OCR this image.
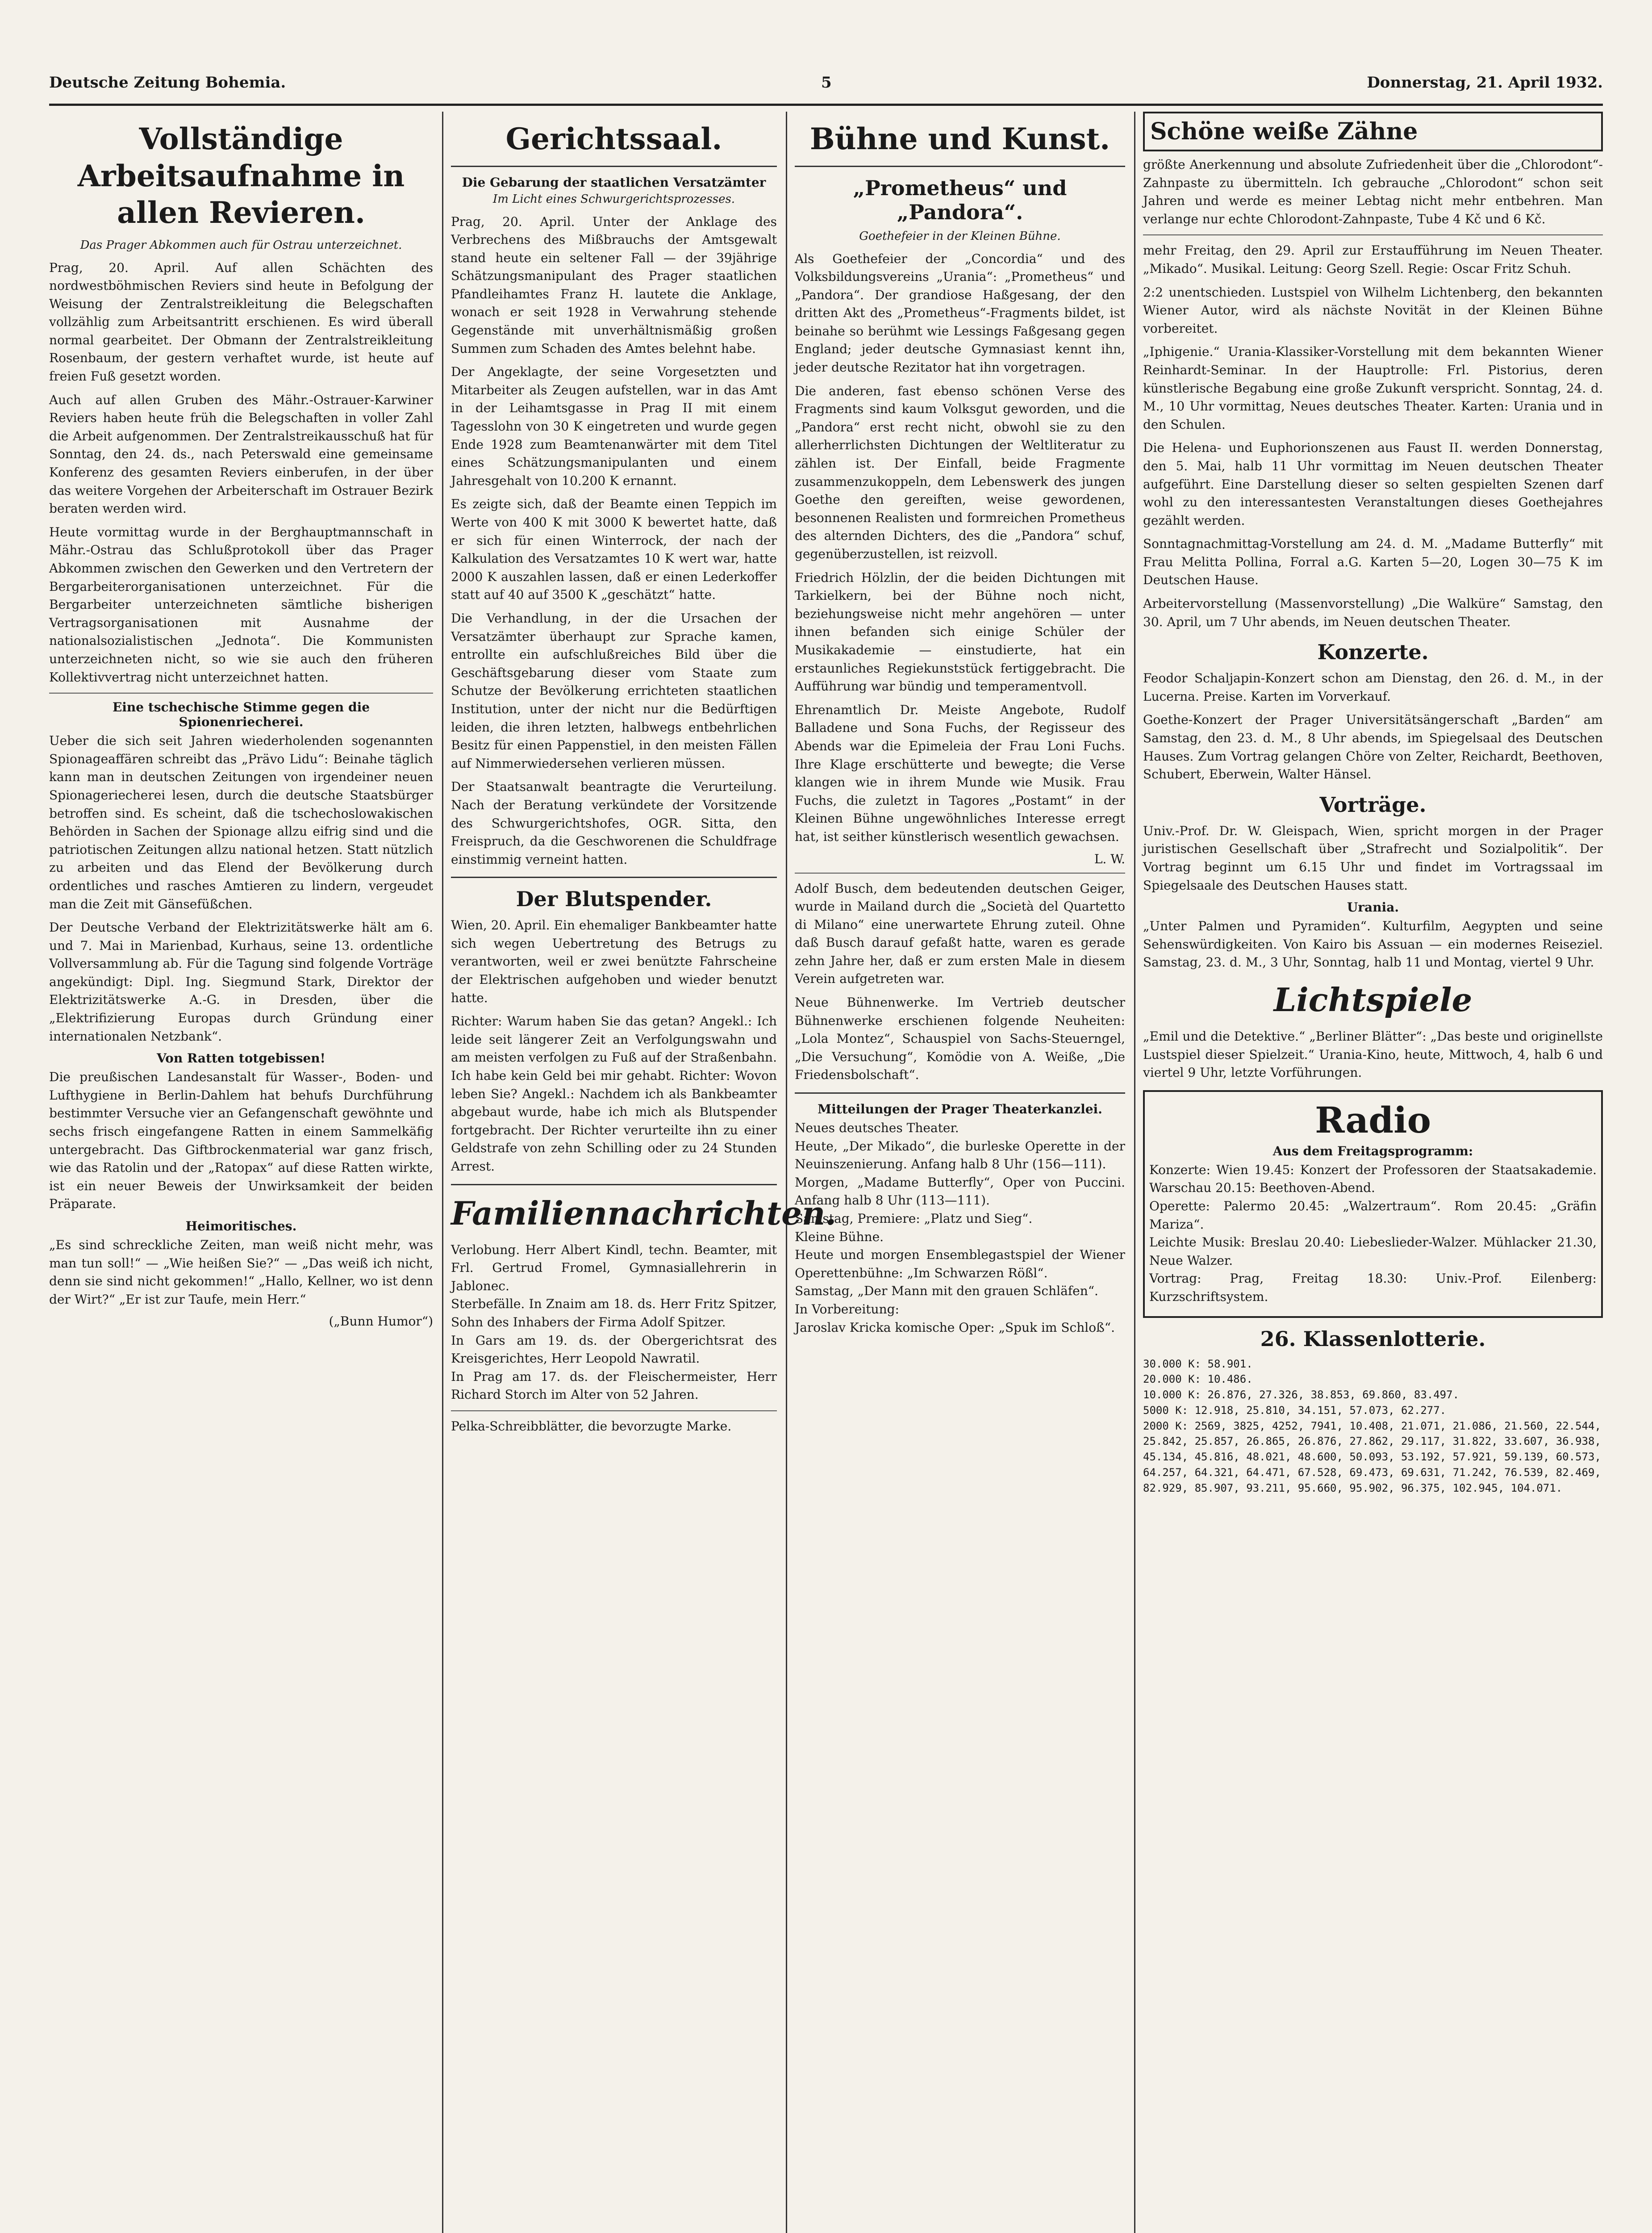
Deutsche Zeitung Bohemia.	5	Donnerstag, 21. April 1932.
Vollständige Arbeitsaufnahme in allen Revieren.
Das Prager Abkommen auch für Ostrau unterzeichnet.

Prag, 20. April. Auf allen Schächten des nordwestböhmischen Reviers sind heute in Befolgung der Weisung der Zentralstreikleitung die Belegschaften vollzählig zum Arbeitsantritt erschienen. Es wird überall normal gearbeitet. Der Obmann der Zentralstreikleitung Rosenbaum, der gestern verhaftet wurde, ist heute auf freien Fuß gesetzt worden.

Auch auf allen Gruben des Mähr.-Ostrauer-Karwiner Reviers haben heute früh die Belegschaften in voller Zahl die Arbeit aufgenommen. Der Zentralstreikausschuß hat für Sonntag, den 24. ds., nach Peterswald eine gemeinsame Konferenz des gesamten Reviers einberufen, in der über das weitere Vorgehen der Arbeiterschaft im Ostrauer Bezirk beraten werden wird.

Heute vormittag wurde in der Berghauptmannschaft in Mähr.-Ostrau das Schlußprotokoll über das Prager Abkommen zwischen den Gewerken und den Vertretern der Bergarbeiterorganisationen unterzeichnet. Für die Bergarbeiter unterzeichneten sämtliche bisherigen Vertragsorganisationen mit Ausnahme der nationalsozialistischen „Jednota“. Die Kommunisten unterzeichneten nicht, so wie sie auch den früheren Kollektivvertrag nicht unterzeichnet hatten.

Eine tschechische Stimme gegen die Spionenriecherei.

Ueber die sich seit Jahren wiederholenden sogenannten Spionageaffären schreibt das „Prävo Lidu“: Beinahe täglich kann man in deutschen Zeitungen von irgendeiner neuen Spionageriecherei lesen, durch die deutsche Staatsbürger betroffen sind. Es scheint, daß die tschechoslowakischen Behörden in Sachen der Spionage allzu eifrig sind und die patriotischen Zeitungen allzu national hetzen. Statt nützlich zu arbeiten und das Elend der Bevölkerung durch ordentliches und rasches Amtieren zu lindern, vergeudet man die Zeit mit Gänsefüßchen.

Der Deutsche Verband der Elektrizitätswerke hält am 6. und 7. Mai in Marienbad, Kurhaus, seine 13. ordentliche Vollversammlung ab. Für die Tagung sind folgende Vorträge angekündigt: Dipl. Ing. Siegmund Stark, Direktor der Elektrizitätswerke A.-G. in Dresden, über die „Elektrifizierung Europas durch Gründung einer internationalen Netzbank“.

Von Ratten totgebissen!

Die preußischen Landesanstalt für Wasser-, Boden- und Lufthygiene in Berlin-Dahlem hat behufs Durchführung bestimmter Versuche vier an Gefangenschaft gewöhnte und sechs frisch eingefangene Ratten in einem Sammelkäfig untergebracht. Das Giftbrockenmaterial war ganz frisch, wie das Ratolin und der „Ratopax“ auf diese Ratten wirkte, ist ein neuer Beweis der Unwirksamkeit der beiden Präparate.

Heimoritisches.

„Es sind schreckliche Zeiten, man weiß nicht mehr, was man tun soll!“ — „Wie heißen Sie?“ — „Das weiß ich nicht, denn sie sind nicht gekommen!“ „Hallo, Kellner, wo ist denn der Wirt?“ „Er ist zur Taufe, mein Herr.“

(„Bunn Humor“)
Gerichtssaal.
Die Gebarung der staatlichen Versatzämter
Im Licht eines Schwurgerichtsprozesses.

Prag, 20. April. Unter der Anklage des Verbrechens des Mißbrauchs der Amtsgewalt stand heute ein seltener Fall — der 39jährige Schätzungsmanipulant des Prager staatlichen Pfandleihamtes Franz H. lautete die Anklage, wonach er seit 1928 in Verwahrung stehende Gegenstände mit unverhältnismäßig großen Summen zum Schaden des Amtes belehnt habe.

Der Angeklagte, der seine Vorgesetzten und Mitarbeiter als Zeugen aufstellen, war in das Amt in der Leihamtsgasse in Prag II mit einem Tagesslohn von 30 K eingetreten und wurde gegen Ende 1928 zum Beamtenanwärter mit dem Titel eines Schätzungsmanipulanten und einem Jahresgehalt von 10.200 K ernannt.

Es zeigte sich, daß der Beamte einen Teppich im Werte von 400 K mit 3000 K bewertet hatte, daß er sich für einen Winterrock, der nach der Kalkulation des Versatzamtes 10 K wert war, hatte 2000 K auszahlen lassen, daß er einen Lederkoffer statt auf 40 auf 3500 K „geschätzt“ hatte.

Die Verhandlung, in der die Ursachen der Versatzämter überhaupt zur Sprache kamen, entrollte ein aufschlußreiches Bild über die Geschäftsgebarung dieser vom Staate zum Schutze der Bevölkerung errichteten staatlichen Institution, unter der nicht nur die Bedürftigen leiden, die ihren letzten, halbwegs entbehrlichen Besitz für einen Pappenstiel, in den meisten Fällen auf Nimmerwiedersehen verlieren müssen.

Der Staatsanwalt beantragte die Verurteilung. Nach der Beratung verkündete der Vorsitzende des Schwurgerichtshofes, OGR. Sitta, den Freispruch, da die Geschworenen die Schuldfrage einstimmig verneint hatten.

Der Blutspender.

Wien, 20. April. Ein ehemaliger Bankbeamter hatte sich wegen Uebertretung des Betrugs zu verantworten, weil er zwei benützte Fahrscheine der Elektrischen aufgehoben und wieder benutzt hatte.

Richter: Warum haben Sie das getan? Angekl.: Ich leide seit längerer Zeit an Verfolgungswahn und am meisten verfolgen zu Fuß auf der Straßenbahn. Ich habe kein Geld bei mir gehabt. Richter: Wovon leben Sie? Angekl.: Nachdem ich als Bankbeamter abgebaut wurde, habe ich mich als Blutspender fortgebracht. Der Richter verurteilte ihn zu einer Geldstrafe von zehn Schilling oder zu 24 Stunden Arrest.

Familiennachrichten.

Verlobung. Herr Albert Kindl, techn. Beamter, mit Frl. Gertrud Fromel, Gymnasiallehrerin in Jablonec.
Sterbefälle. In Znaim am 18. ds. Herr Fritz Spitzer, Sohn des Inhabers der Firma Adolf Spitzer.
In Gars am 19. ds. der Obergerichtsrat des Kreisgerichtes, Herr Leopold Nawratil.
In Prag am 17. ds. der Fleischermeister, Herr Richard Storch im Alter von 52 Jahren.

Pelka-Schreibblätter, die bevorzugte Marke.

Bühne und Kunst.
„Prometheus“ und „Pandora“.
Goethefeier in der Kleinen Bühne.

Als Goethefeier der „Concordia“ und des Volksbildungsvereins „Urania“: „Prometheus“ und „Pandora“. Der grandiose Haßgesang, der den dritten Akt des „Prometheus“-Fragments bildet, ist beinahe so berühmt wie Lessings Faßgesang gegen England; jeder deutsche Gymnasiast kennt ihn, jeder deutsche Rezitator hat ihn vorgetragen.

Die anderen, fast ebenso schönen Verse des Fragments sind kaum Volksgut geworden, und die „Pandora“ erst recht nicht, obwohl sie zu den allerherrlichsten Dichtungen der Weltliteratur zu zählen ist. Der Einfall, beide Fragmente zusammenzukoppeln, dem Lebenswerk des jungen Goethe den gereiften, weise gewordenen, besonnenen Realisten und formreichen Prometheus des alternden Dichters, des die „Pandora“ schuf, gegenüberzustellen, ist reizvoll.

Friedrich Hölzlin, der die beiden Dichtungen mit Tarkielkern, bei der Bühne noch nicht, beziehungsweise nicht mehr angehören — unter ihnen befanden sich einige Schüler der Musikakademie — einstudierte, hat ein erstaunliches Regiekunststück fertiggebracht. Die Aufführung war bündig und temperamentvoll.

Ehrenamtlich Dr. Meiste Angebote, Rudolf Balladene und Sona Fuchs, der Regisseur des Abends war die Epimeleia der Frau Loni Fuchs. Ihre Klage erschütterte und bewegte; die Verse klangen wie in ihrem Munde wie Musik. Frau Fuchs, die zuletzt in Tagores „Postamt“ in der Kleinen Bühne ungewöhnliches Interesse erregt hat, ist seither künstlerisch wesentlich gewachsen.

L. W.

Adolf Busch, dem bedeutenden deutschen Geiger, wurde in Mailand durch die „Società del Quartetto di Milano“ eine unerwartete Ehrung zuteil. Ohne daß Busch darauf gefaßt hatte, waren es gerade zehn Jahre her, daß er zum ersten Male in diesem Verein aufgetreten war.

Neue Bühnenwerke. Im Vertrieb deutscher Bühnenwerke erschienen folgende Neuheiten: „Lola Montez“, Schauspiel von Sachs-Steuerngel, „Die Versuchung“, Komödie von A. Weiße, „Die Friedensbolschaft“.

Mitteilungen der Prager Theaterkanzlei.

Neues deutsches Theater.
Heute, „Der Mikado“, die burleske Operette in der Neuinszenierung. Anfang halb 8 Uhr (156—111).
Morgen, „Madame Butterfly“, Oper von Puccini. Anfang halb 8 Uhr (113—111).
Samstag, Premiere: „Platz und Sieg“.
Kleine Bühne.
Heute und morgen Ensemblegastspiel der Wiener Operettenbühne: „Im Schwarzen Rößl“.
Samstag, „Der Mann mit den grauen Schläfen“.
In Vorbereitung:
Jaroslav Kricka komische Oper: „Spuk im Schloß“.

Schöne weiße Zähne

größte Anerkennung und absolute Zufriedenheit über die „Chlorodont“-Zahnpaste zu übermitteln. Ich gebrauche „Chlorodont“ schon seit Jahren und werde es meiner Lebtag nicht mehr entbehren. Man verlange nur echte Chlorodont-Zahnpaste, Tube 4 Kč und 6 Kč.

mehr Freitag, den 29. April zur Erstaufführung im Neuen Theater. „Mikado“. Musikal. Leitung: Georg Szell. Regie: Oscar Fritz Schuh.

2:2 unentschieden. Lustspiel von Wilhelm Lichtenberg, den bekannten Wiener Autor, wird als nächste Novität in der Kleinen Bühne vorbereitet.

„Iphigenie.“ Urania-Klassiker-Vorstellung mit dem bekannten Wiener Reinhardt-Seminar. In der Hauptrolle: Frl. Pistorius, deren künstlerische Begabung eine große Zukunft verspricht. Sonntag, 24. d. M., 10 Uhr vormittag, Neues deutsches Theater. Karten: Urania und in den Schulen.

Die Helena- und Euphorionszenen aus Faust II. werden Donnerstag, den 5. Mai, halb 11 Uhr vormittag im Neuen deutschen Theater aufgeführt. Eine Darstellung dieser so selten gespielten Szenen darf wohl zu den interessantesten Veranstaltungen dieses Goethejahres gezählt werden.

Sonntagnachmittag-Vorstellung am 24. d. M. „Madame Butterfly“ mit Frau Melitta Pollina, Forral a.G. Karten 5—20, Logen 30—75 K im Deutschen Hause.

Arbeitervorstellung (Massenvorstellung) „Die Walküre“ Samstag, den 30. April, um 7 Uhr abends, im Neuen deutschen Theater.

Konzerte.

Feodor Schaljapin-Konzert schon am Dienstag, den 26. d. M., in der Lucerna. Preise. Karten im Vorverkauf.

Goethe-Konzert der Prager Universitätsängerschaft „Barden“ am Samstag, den 23. d. M., 8 Uhr abends, im Spiegelsaal des Deutschen Hauses. Zum Vortrag gelangen Chöre von Zelter, Reichardt, Beethoven, Schubert, Eberwein, Walter Hänsel.

Vorträge.

Univ.-Prof. Dr. W. Gleispach, Wien, spricht morgen in der Prager juristischen Gesellschaft über „Strafrecht und Sozialpolitik“. Der Vortrag beginnt um 6.15 Uhr und findet im Vortragssaal im Spiegelsaale des Deutschen Hauses statt.

Urania.

„Unter Palmen und Pyramiden“. Kulturfilm, Aegypten und seine Sehenswürdigkeiten. Von Kairo bis Assuan — ein modernes Reiseziel. Samstag, 23. d. M., 3 Uhr, Sonntag, halb 11 und Montag, viertel 9 Uhr.

Lichtspiele

„Emil und die Detektive.“ „Berliner Blätter“: „Das beste und originellste Lustspiel dieser Spielzeit.“ Urania-Kino, heute, Mittwoch, 4, halb 6 und viertel 9 Uhr, letzte Vorführungen.

Radio
Aus dem Freitagsprogramm:

Konzerte: Wien 19.45: Konzert der Professoren der Staatsakademie. Warschau 20.15: Beethoven-Abend.
Operette: Palermo 20.45: „Walzertraum“. Rom 20.45: „Gräfin Mariza“.
Leichte Musik: Breslau 20.40: Liebeslieder-Walzer. Mühlacker 21.30, Neue Walzer.
Vortrag: Prag, Freitag 18.30: Univ.-Prof. Eilenberg: Kurzschriftsystem.

26. Klassenlotterie.
30.000 K: 58.901.
20.000 K: 10.486.
10.000 K: 26.876, 27.326, 38.853, 69.860, 83.497.
5000 K: 12.918, 25.810, 34.151, 57.073, 62.277.
2000 K: 2569, 3825, 4252, 7941, 10.408, 21.071, 21.086, 21.560, 22.544, 25.842, 25.857, 26.865, 26.876, 27.862, 29.117, 31.822, 33.607, 36.938, 45.134, 45.816, 48.021, 48.600, 50.093, 53.192, 57.921, 59.139, 60.573, 64.257, 64.321, 64.471, 67.528, 69.473, 69.631, 71.242, 76.539, 82.469, 82.929, 85.907, 93.211, 95.660, 95.902, 96.375, 102.945, 104.071.
